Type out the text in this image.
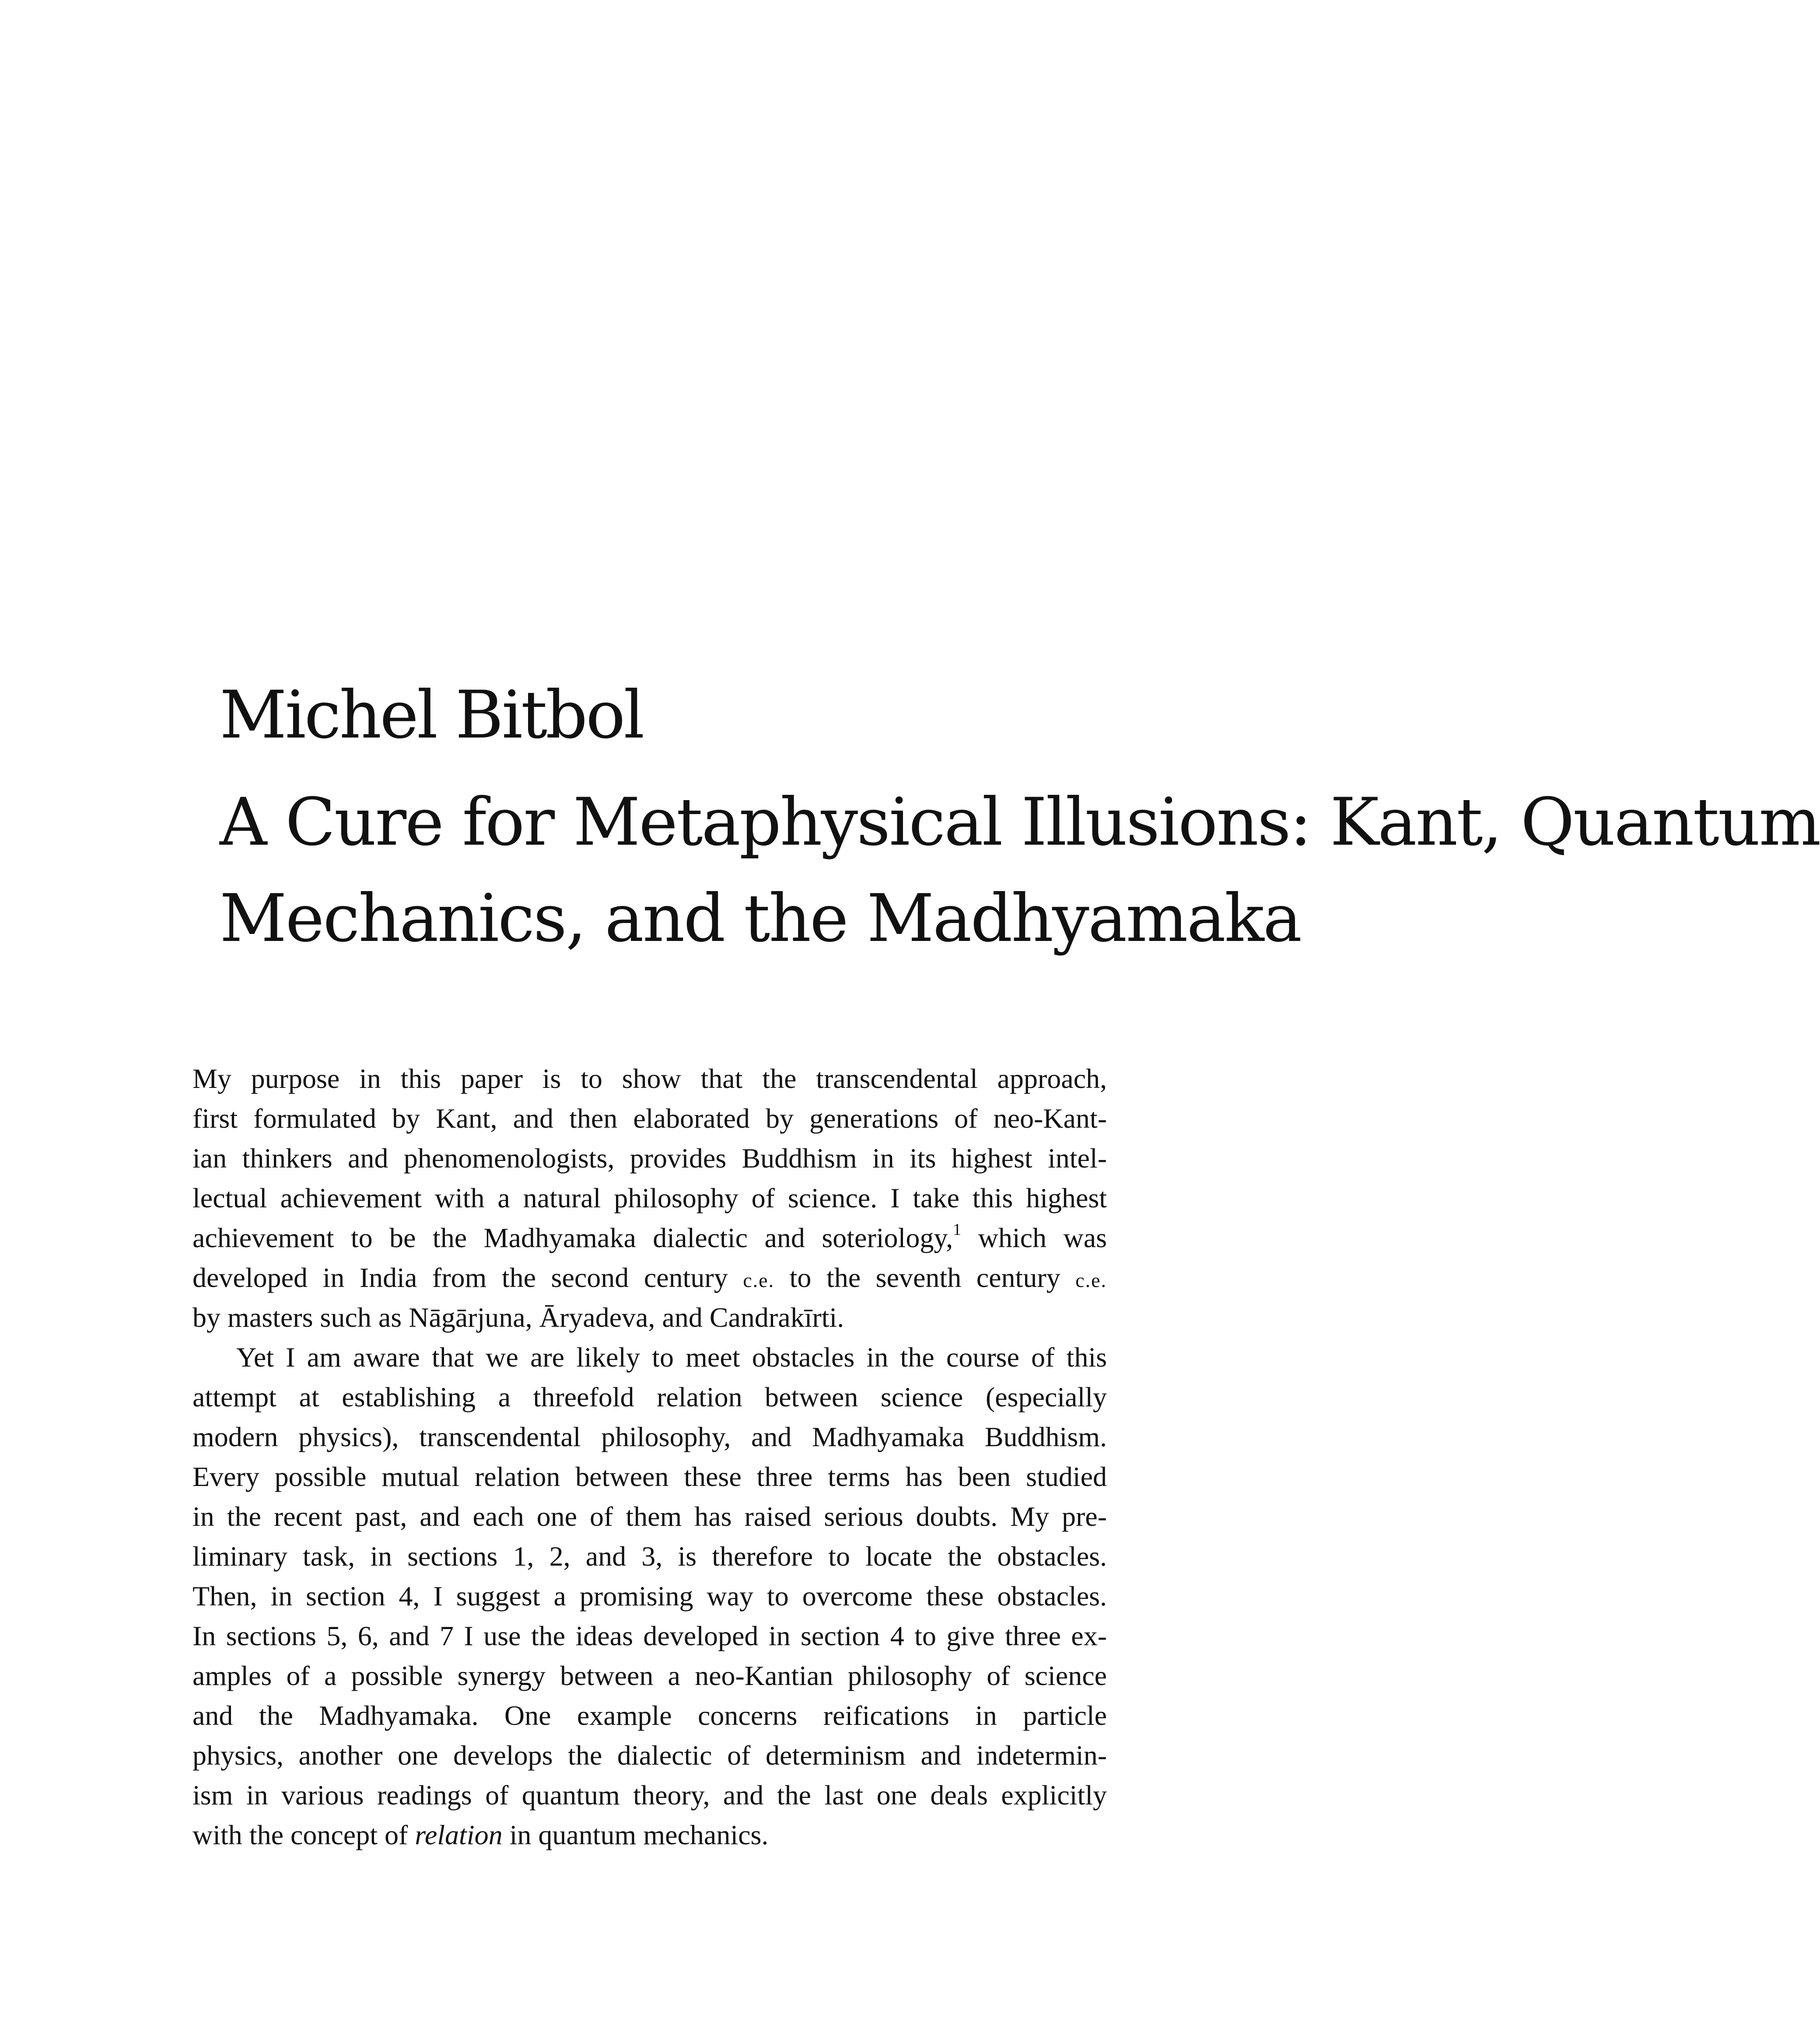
Michel Bitbol
A Cure for Metaphysical Illusions: Kant, Quantum
Mechanics, and the Madhyamaka
My purpose in this paper is to show that the transcendental approach,
first formulated by Kant, and then elaborated by generations of neo-Kant-
ian thinkers and phenomenologists, provides Buddhism in its highest intel-
lectual achievement with a natural philosophy of science. I take this highest
achievement to be the Madhyamaka dialectic and soteriology,$^1$ which was
developed in India from the second century c.e. to the seventh century c.e.
by masters such as Nāgārjuna, Āryadeva, and Candrakīrti.
Yet I am aware that we are likely to meet obstacles in the course of this
attempt at establishing a threefold relation between science (especially
modern physics), transcendental philosophy, and Madhyamaka Buddhism.
Every possible mutual relation between these three terms has been studied
in the recent past, and each one of them has raised serious doubts. My pre-
liminary task, in sections 1, 2, and 3, is therefore to locate the obstacles.
Then, in section 4, I suggest a promising way to overcome these obstacles.
In sections 5, 6, and 7 I use the ideas developed in section 4 to give three ex-
amples of a possible synergy between a neo-Kantian philosophy of science
and the Madhyamaka. One example concerns reifications in particle
physics, another one develops the dialectic of determinism and indetermin-
ism in various readings of quantum theory, and the last one deals explicitly
with the concept of relation in quantum mechanics.
